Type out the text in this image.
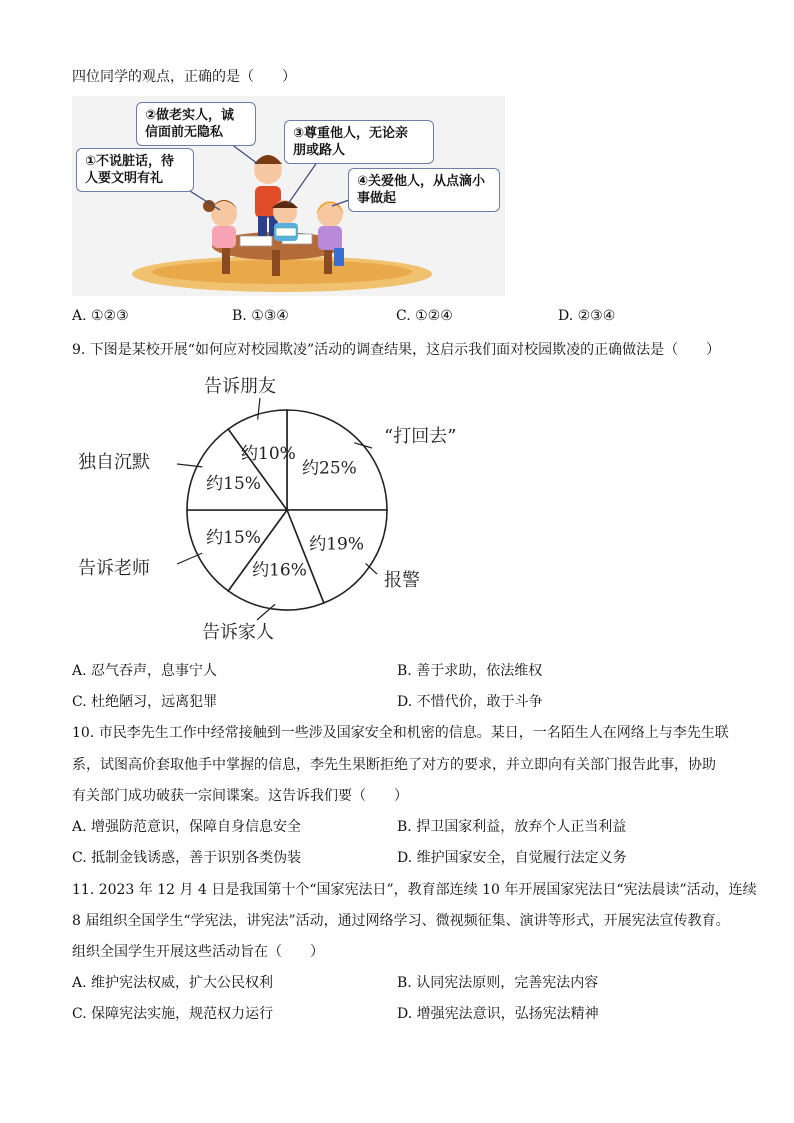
四位同学的观点，正确的是（　　）
①不说脏话，待
人要文明有礼
②做老实人，诚
信面前无隐私	③尊重他人，无论亲
朋或路人
④关爱他人，从点滴小
事做起
A. ①②③	B. ①③④	C. ①②④	D. ②③④
9. 下图是某校开展“如何应对校园欺凌”活动的调查结果，这启示我们面对校园欺凌的正确做法是（　　）
约25%
“打回去”
约19%
报警
约16%
告诉家人
约15%
告诉老师
约15%
独自沉默	约10%
告诉朋友
A. 忍气吞声，息事宁人	B. 善于求助，依法维权
C. 杜绝陋习，远离犯罪	D. 不惜代价，敢于斗争
10. 市民李先生工作中经常接触到一些涉及国家安全和机密的信息。某日，一名陌生人在网络上与李先生联
系，试图高价套取他手中掌握的信息，李先生果断拒绝了对方的要求，并立即向有关部门报告此事，协助
有关部门成功破获一宗间谍案。这告诉我们要（　　）
A. 增强防范意识，保障自身信息安全	B. 捍卫国家利益，放弃个人正当利益
C. 抵制金钱诱惑，善于识别各类伪装	D. 维护国家安全，自觉履行法定义务
11. 2023 年 12 月 4 日是我国第十个“国家宪法日”，教育部连续 10 年开展国家宪法日“宪法晨读”活动，连续
8 届组织全国学生“学宪法，讲宪法”活动，通过网络学习、微视频征集、演讲等形式，开展宪法宣传教育。
组织全国学生开展这些活动旨在（　　）
A. 维护宪法权威，扩大公民权利	B. 认同宪法原则，完善宪法内容
C. 保障宪法实施，规范权力运行	D. 增强宪法意识，弘扬宪法精神
